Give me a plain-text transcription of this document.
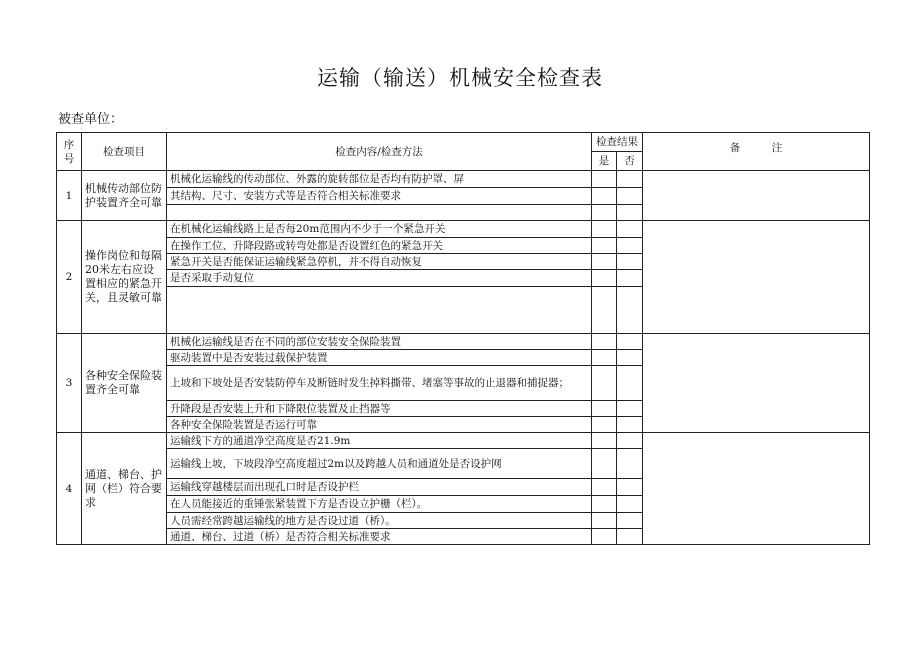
运输（输送）机械安全检查表
被查单位：
序号	检查项目	检查内容/检查方法	检查结果		备　　　注
			是	否	
1	机械传动部位防护装置齐全可靠	机械化运输线的传动部位、外露的旋转部位是否均有防护罩、屏			
		其结构、尺寸、安装方式等是否符合相关标准要求			

2	操作岗位和每隔20米左右应设置相应的紧急开关，且灵敏可靠	在机械化运输线路上是否每20m范围内不少于一个紧急开关			
		在操作工位、升降段路或转弯处都是否设置红色的紧急开关			
		紧急开关是否能保证运输线紧急停机，并不得自动恢复			
		是否采取手动复位			

3	各种安全保险装置齐全可靠	机械化运输线是否在不同的部位安装安全保险装置			
		驱动装置中是否安装过载保护装置			
		上坡和下坡处是否安装防停车及断链时发生掉料撕带、堵塞等事故的止退器和捕捉器；			
		升降段是否安装上升和下降限位装置及止挡器等			
		各种安全保险装置是否运行可靠			
4	通道、梯台、护网（栏）符合要求	运输线下方的通道净空高度是否21.9m			
		运输线上坡，下坡段净空高度超过2m以及跨越人员和通道处是否设护网			
		运输线穿越楼层而出现孔口时是否设护栏			
		在人员能接近的重锤张紧装置下方是否设立护栅（栏）。			
		人员需经常跨越运输线的地方是否设过道（桥）。			
		通道、梯台、过道（桥）是否符合相关标准要求			
